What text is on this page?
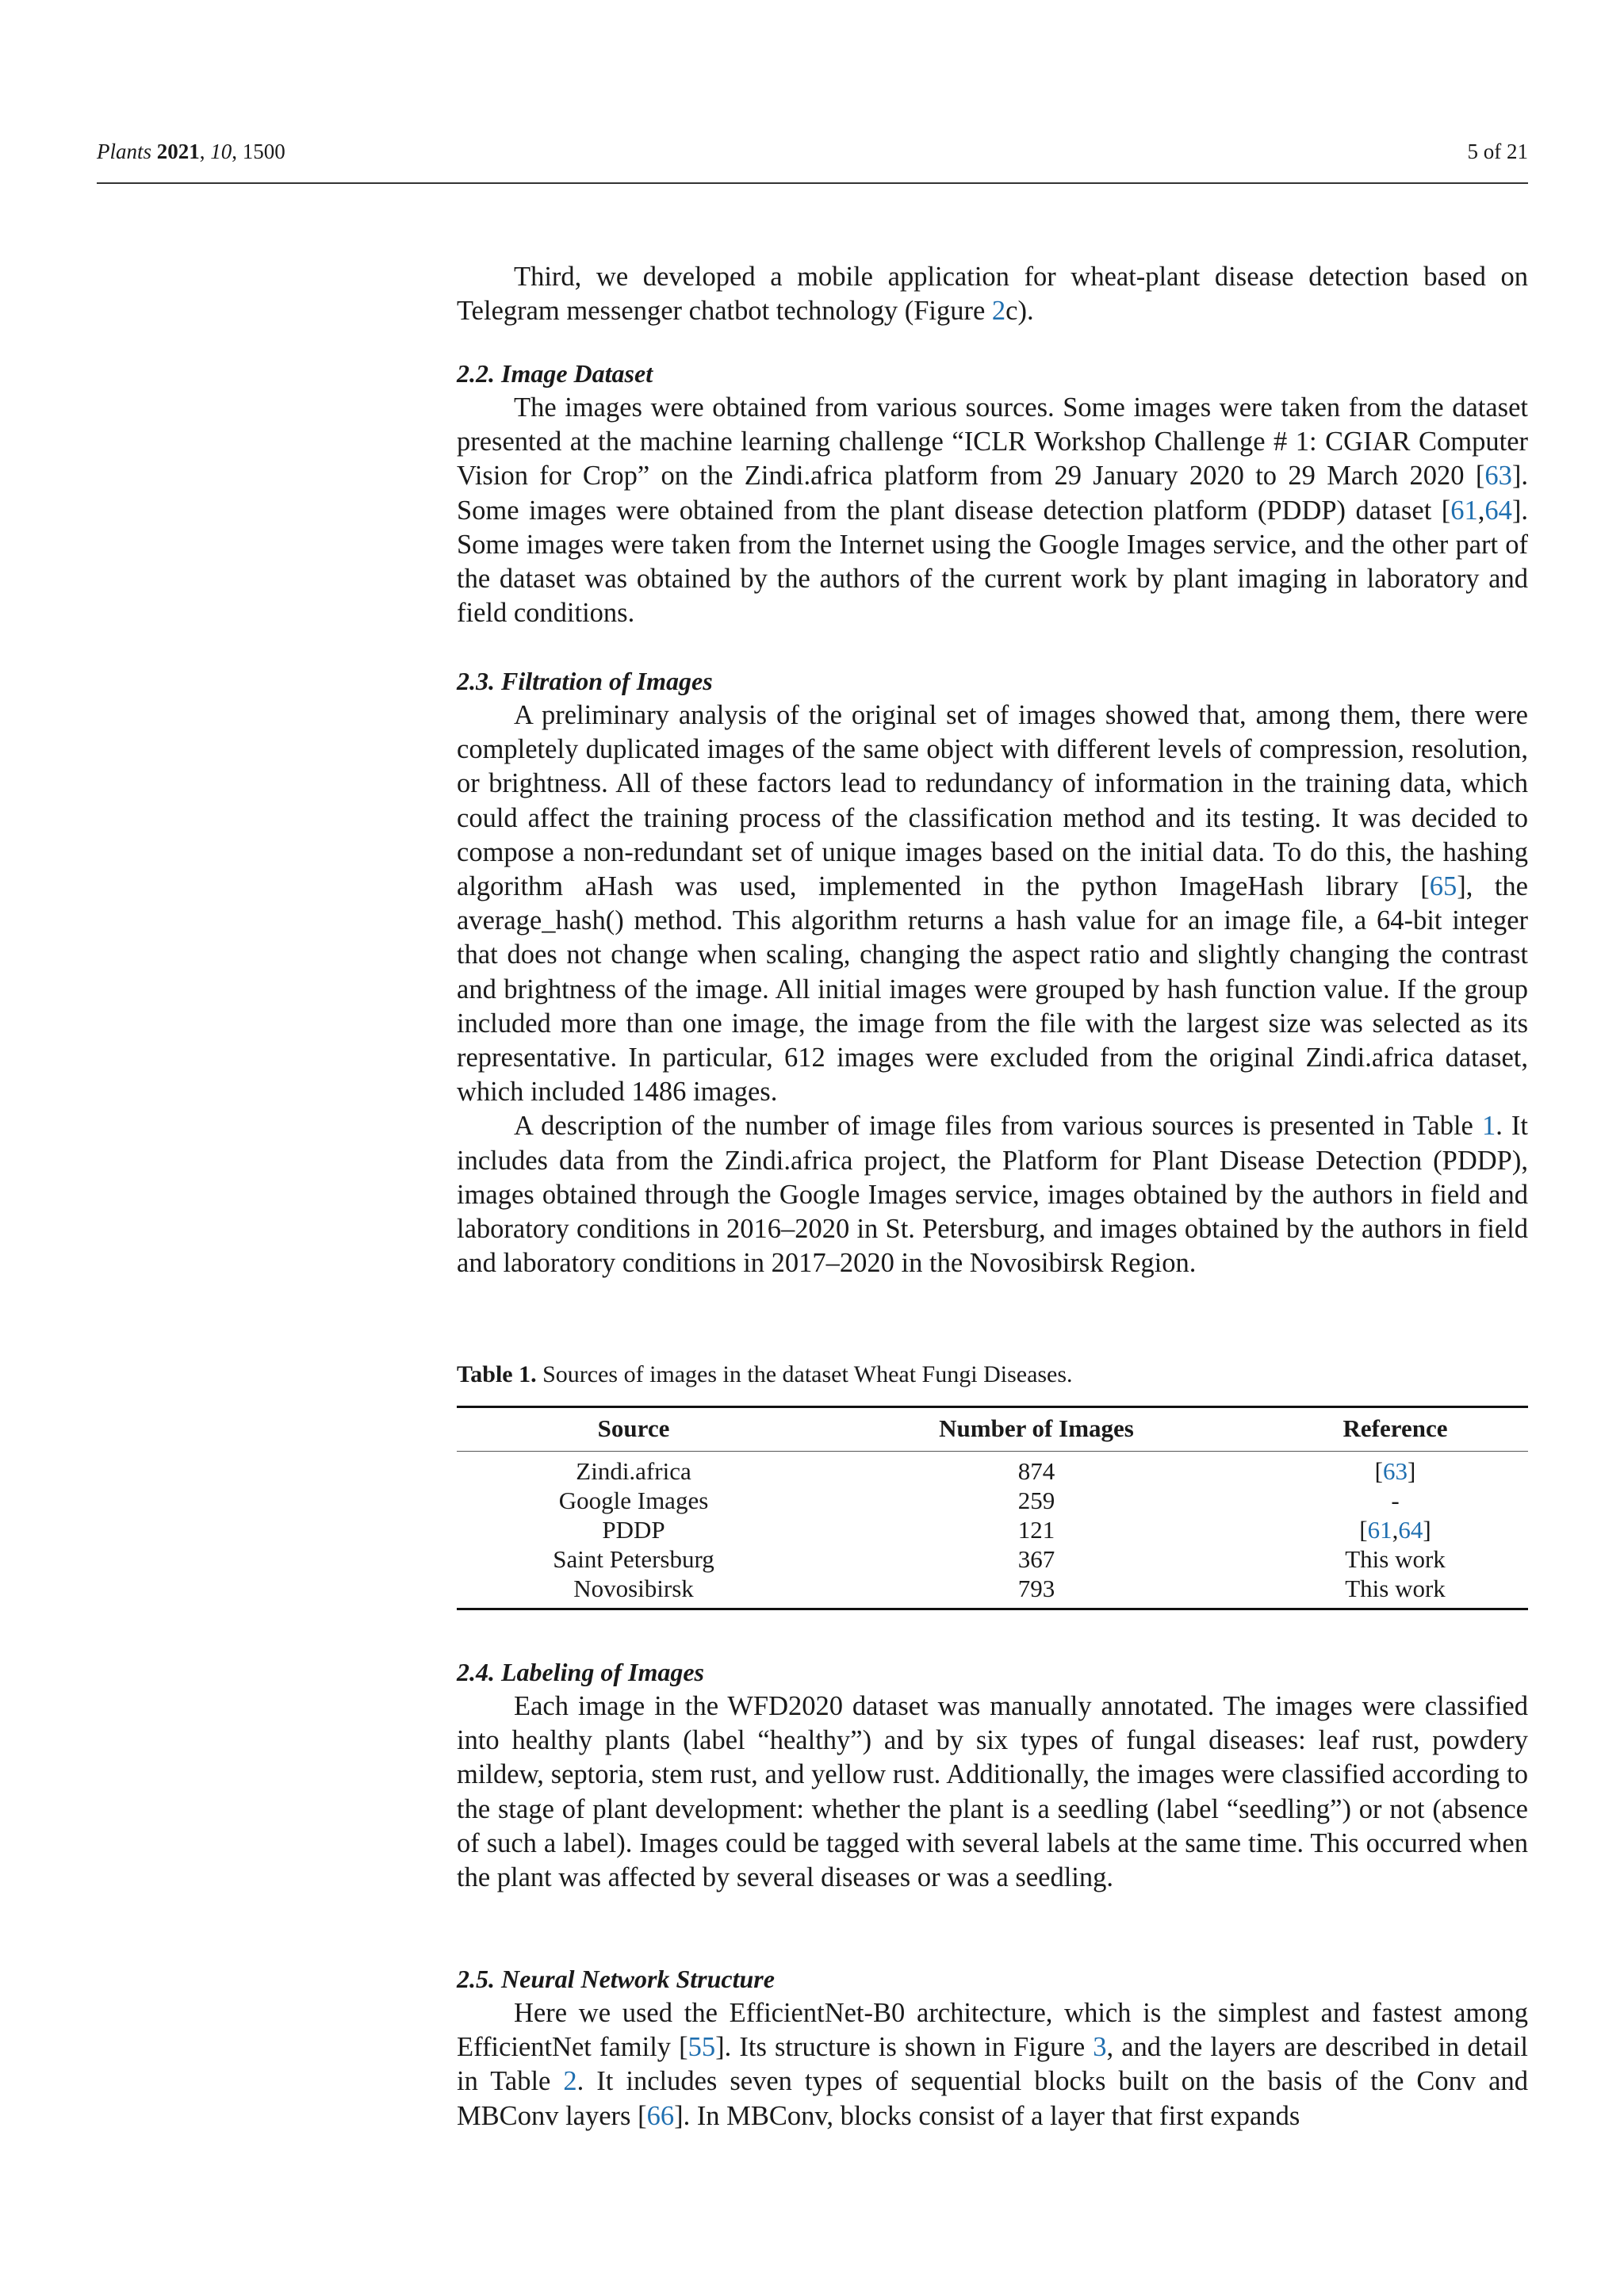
Plants 2021, 10, 1500	5 of 21

Third, we developed a mobile application for wheat-plant disease detection based on Telegram messenger chatbot technology (Figure 2c).

2.2. Image Dataset

The images were obtained from various sources. Some images were taken from the dataset presented at the machine learning challenge “ICLR Workshop Challenge # 1: CGIAR Computer Vision for Crop” on the Zindi.africa platform from 29 January 2020 to 29 March 2020 [63]. Some images were obtained from the plant disease detection platform (PDDP) dataset [61,64]. Some images were taken from the Internet using the Google Images service, and the other part of the dataset was obtained by the authors of the current work by plant imaging in laboratory and field conditions.

2.3. Filtration of Images

A preliminary analysis of the original set of images showed that, among them, there were completely duplicated images of the same object with different levels of compression, resolution, or brightness. All of these factors lead to redundancy of information in the training data, which could affect the training process of the classification method and its testing. It was decided to compose a non-redundant set of unique images based on the initial data. To do this, the hashing algorithm aHash was used, implemented in the python ImageHash library [65], the average_hash() method. This algorithm returns a hash value for an image file, a 64-bit integer that does not change when scaling, changing the aspect ratio and slightly changing the contrast and brightness of the image. All initial images were grouped by hash function value. If the group included more than one image, the image from the file with the largest size was selected as its representative. In particular, 612 images were excluded from the original Zindi.africa dataset, which included 1486 images.

A description of the number of image files from various sources is presented in Table 1. It includes data from the Zindi.africa project, the Platform for Plant Disease Detection (PDDP), images obtained through the Google Images service, images obtained by the authors in field and laboratory conditions in 2016–2020 in St. Petersburg, and images obtained by the authors in field and laboratory conditions in 2017–2020 in the Novosibirsk Region.

Table 1. Sources of images in the dataset Wheat Fungi Diseases.

Source	Number of Images	Reference
Zindi.africa	874	[63]
Google Images	259	-
PDDP	121	[61,64]
Saint Petersburg	367	This work
Novosibirsk	793	This work
2.4. Labeling of Images

Each image in the WFD2020 dataset was manually annotated. The images were classified into healthy plants (label “healthy”) and by six types of fungal diseases: leaf rust, powdery mildew, septoria, stem rust, and yellow rust. Additionally, the images were classified according to the stage of plant development: whether the plant is a seedling (label “seedling”) or not (absence of such a label). Images could be tagged with several labels at the same time. This occurred when the plant was affected by several diseases or was a seedling.

2.5. Neural Network Structure

Here we used the EfficientNet-B0 architecture, which is the simplest and fastest among EfficientNet family [55]. Its structure is shown in Figure 3, and the layers are described in detail in Table 2. It includes seven types of sequential blocks built on the basis of the Conv and MBConv layers [66]. In MBConv, blocks consist of a layer that first expands
